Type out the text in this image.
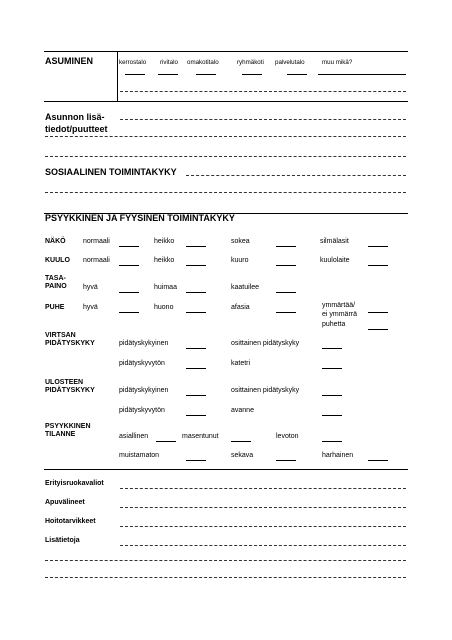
ASUMINEN	kerrostalo rivitalo omakotitalo	ryhmäkoti palvelutalo	muu mikä?
Asunnon lisä-
tiedot/puutteet
SOSIAALINEN TOIMINTAKYKY
PSYYKKINEN JA FYYSINEN TOIMINTAKYKY
NÄKÖ normaali	heikko	sokea	silmälasit
KUULO normaali	heikko	kuuro	kuulolaite
TASA-
PAINO hyvä	huimaa	kaatuilee
PUHE	hyvä	huono	afasia	ymmärtää/
ei ymmärrä
puhetta
VIRTSAN
PIDÄTYSKYKY	pidätyskykyinen	osittainen pidätyskyky
pidätyskyvytön	katetri
ULOSTEEN
PIDÄTYSKYKY	pidätyskykyinen	osittainen pidätyskyky
pidätyskyvytön	avanne
PSYYKKINEN
TILANNE	asiallinen	masentunut	levoton
muistamaton	sekava	harhainen
Erityisruokavaliot
Apuvälineet
Hoitotarvikkeet
Lisätietoja
